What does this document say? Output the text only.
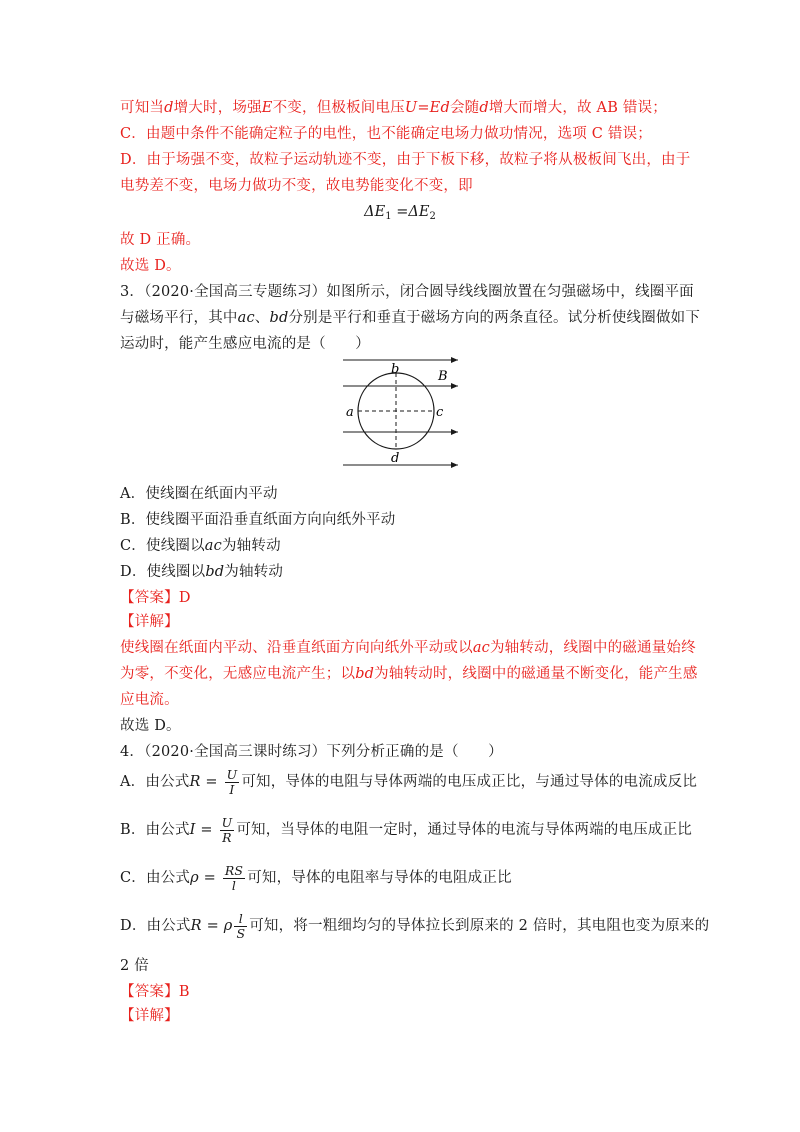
可知当d增大时，场强E不变，但极板间电压U=Ed会随d增大而增大，故 AB 错误；
C．由题中条件不能确定粒子的电性，也不能确定电场力做功情况，选项 C 错误；
D．由于场强不变，故粒子运动轨迹不变，由于下板下移，故粒子将从极板间飞出，由于
电势差不变，电场力做功不变，故电势能变化不变，即
$\Delta E_1 =\Delta E_2$
故 D 正确。
故选 D。
3．（2020·全国高三专题练习）如图所示，闭合圆导线线圈放置在匀强磁场中，线圈平面
与磁场平行，其中ac、bd分别是平行和垂直于磁场方向的两条直径。试分析使线圈做如下
运动时，能产生感应电流的是（　　）
a
b
c
d
B
A．使线圈在纸面内平动
B．使线圈平面沿垂直纸面方向向纸外平动
C．使线圈以ac为轴转动
D．使线圈以bd为轴转动
【答案】D
【详解】
使线圈在纸面内平动、沿垂直纸面方向向纸外平动或以ac为轴转动，线圈中的磁通量始终
为零，不变化，无感应电流产生；以bd为轴转动时，线圈中的磁通量不断变化，能产生感
应电流。
故选 D。
4．（2020·全国高三课时练习）下列分析正确的是（　　）
A．由公式$R = \frac{U}{I}$ 可知，导体的电阻与导体两端的电压成正比，与通过导体的电流成反比
B．由公式$I = \frac{U}{R}$ 可知，当导体的电阻一定时，通过导体的电流与导体两端的电压成正比
C．由公式$\rho = \frac{RS}{l}$ 可知，导体的电阻率与导体的电阻成正比
D．由公式R = ρ $\frac{l}{S}$ 可知，将一粗细均匀的导体拉长到原来的 2 倍时，其电阻也变为原来的
2 倍
【答案】B
【详解】
